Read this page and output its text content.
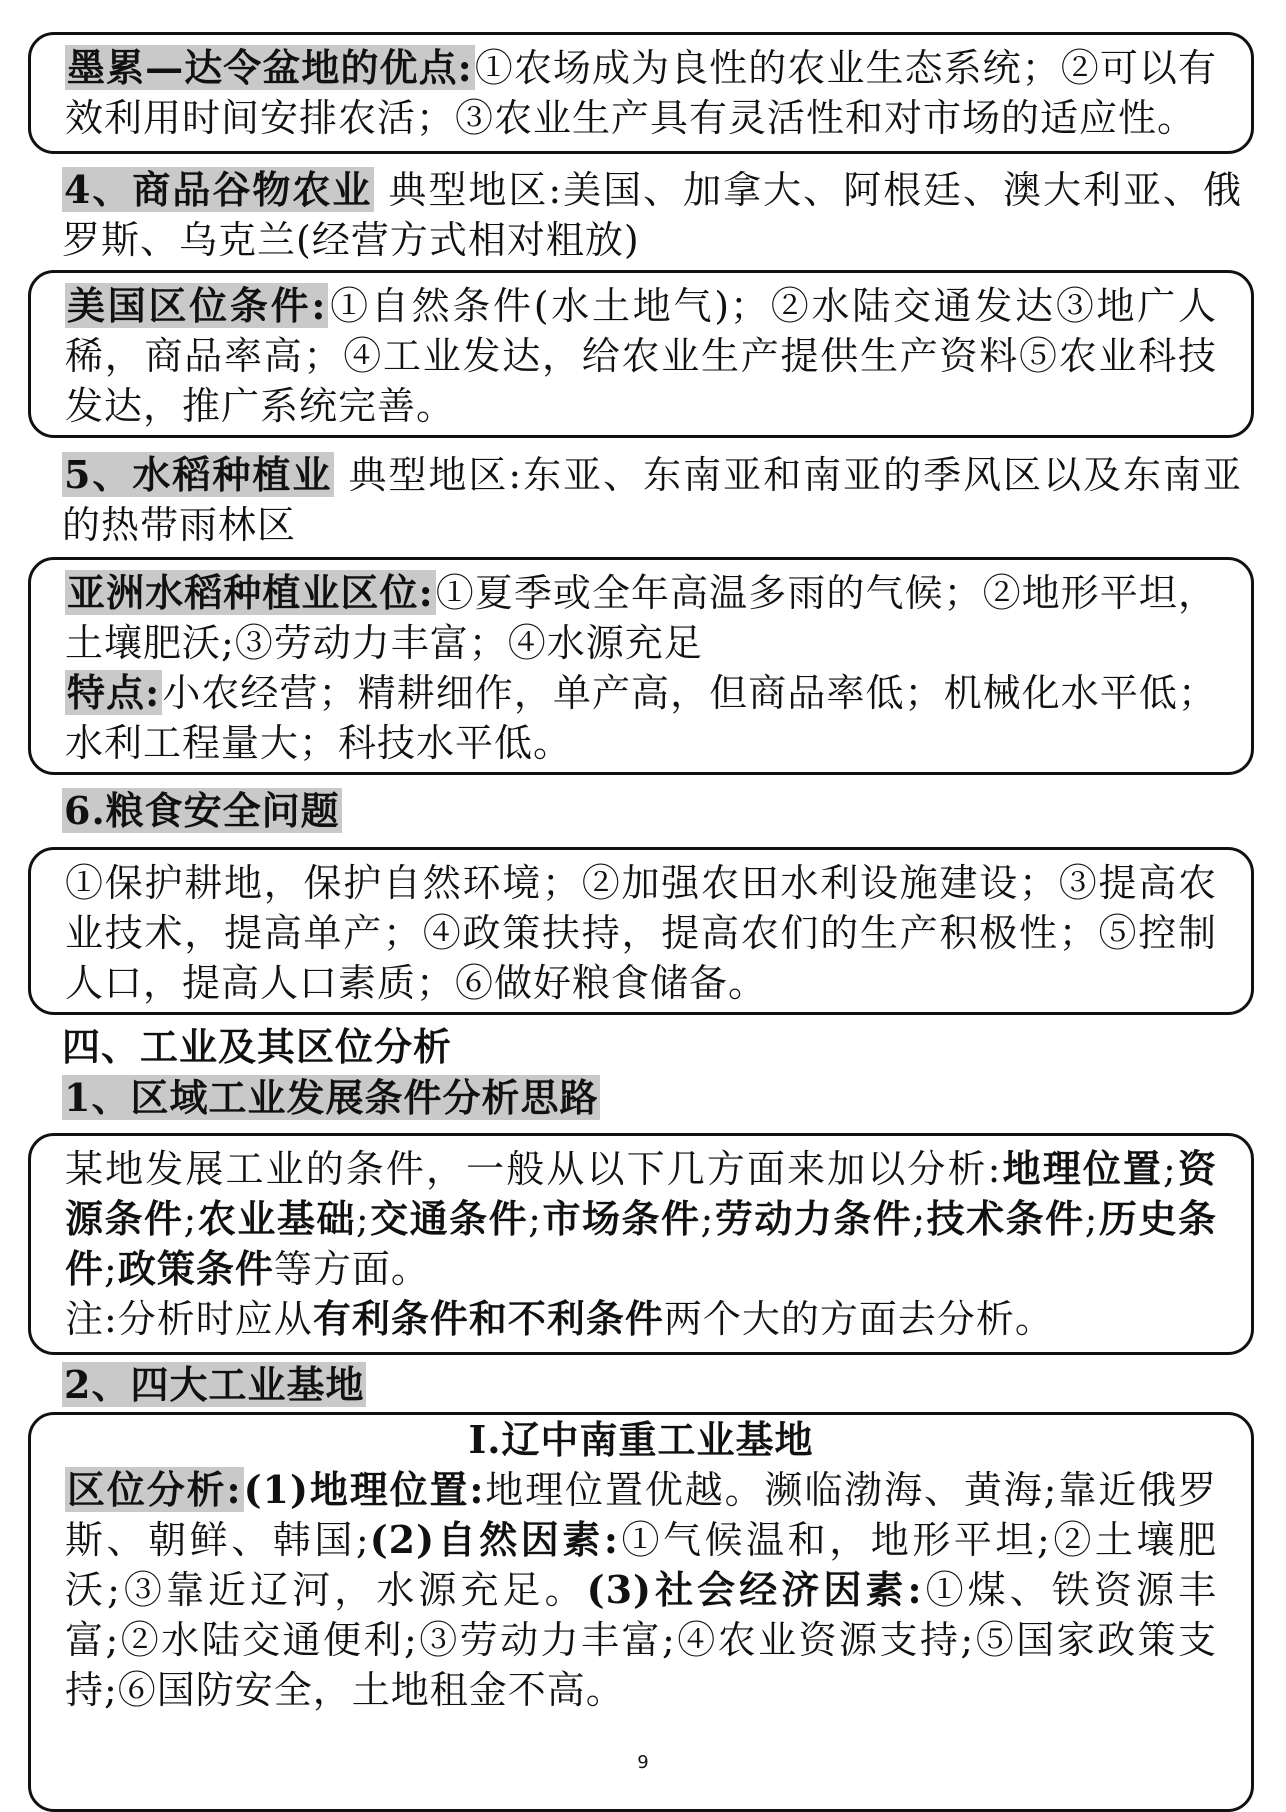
墨累—达令盆地的优点:①农场成为良性的农业生态系统；②可以有效利用时间安排农活；③农业生产具有灵活性和对市场的适应性。

4、商品谷物农业 典型地区:美国、加拿大、阿根廷、澳大利亚、俄罗斯、乌克兰(经营方式相对粗放)

美国区位条件:①自然条件(水土地气)；②水陆交通发达③地广人稀，商品率高；④工业发达，给农业生产提供生产资料⑤农业科技发达，推广系统完善。

5、水稻种植业 典型地区:东亚、东南亚和南亚的季风区以及东南亚的热带雨林区

亚洲水稻种植业区位:①夏季或全年高温多雨的气候；②地形平坦，土壤肥沃;③劳动力丰富；④水源充足

特点:小农经营；精耕细作，单产高，但商品率低；机械化水平低；水利工程量大；科技水平低。

6.粮食安全问题

①保护耕地，保护自然环境；②加强农田水利设施建设；③提高农业技术，提高单产；④政策扶持，提高农们的生产积极性；⑤控制人口，提高人口素质；⑥做好粮食储备。

四、工业及其区位分析

1、区域工业发展条件分析思路

某地发展工业的条件，一般从以下几方面来加以分析:地理位置;资源条件;农业基础;交通条件;市场条件;劳动力条件;技术条件;历史条件;政策条件等方面。

注:分析时应从有利条件和不利条件两个大的方面去分析。

2、四大工业基地

I.辽中南重工业基地

区位分析:(1)地理位置:地理位置优越。濒临渤海、黄海;靠近俄罗斯、朝鲜、韩国;(2)自然因素:①气候温和，地形平坦;②土壤肥沃;③靠近辽河，水源充足。(3)社会经济因素:①煤、铁资源丰富;②水陆交通便利;③劳动力丰富;④农业资源支持;⑤国家政策支持;⑥国防安全，土地租金不高。

9
